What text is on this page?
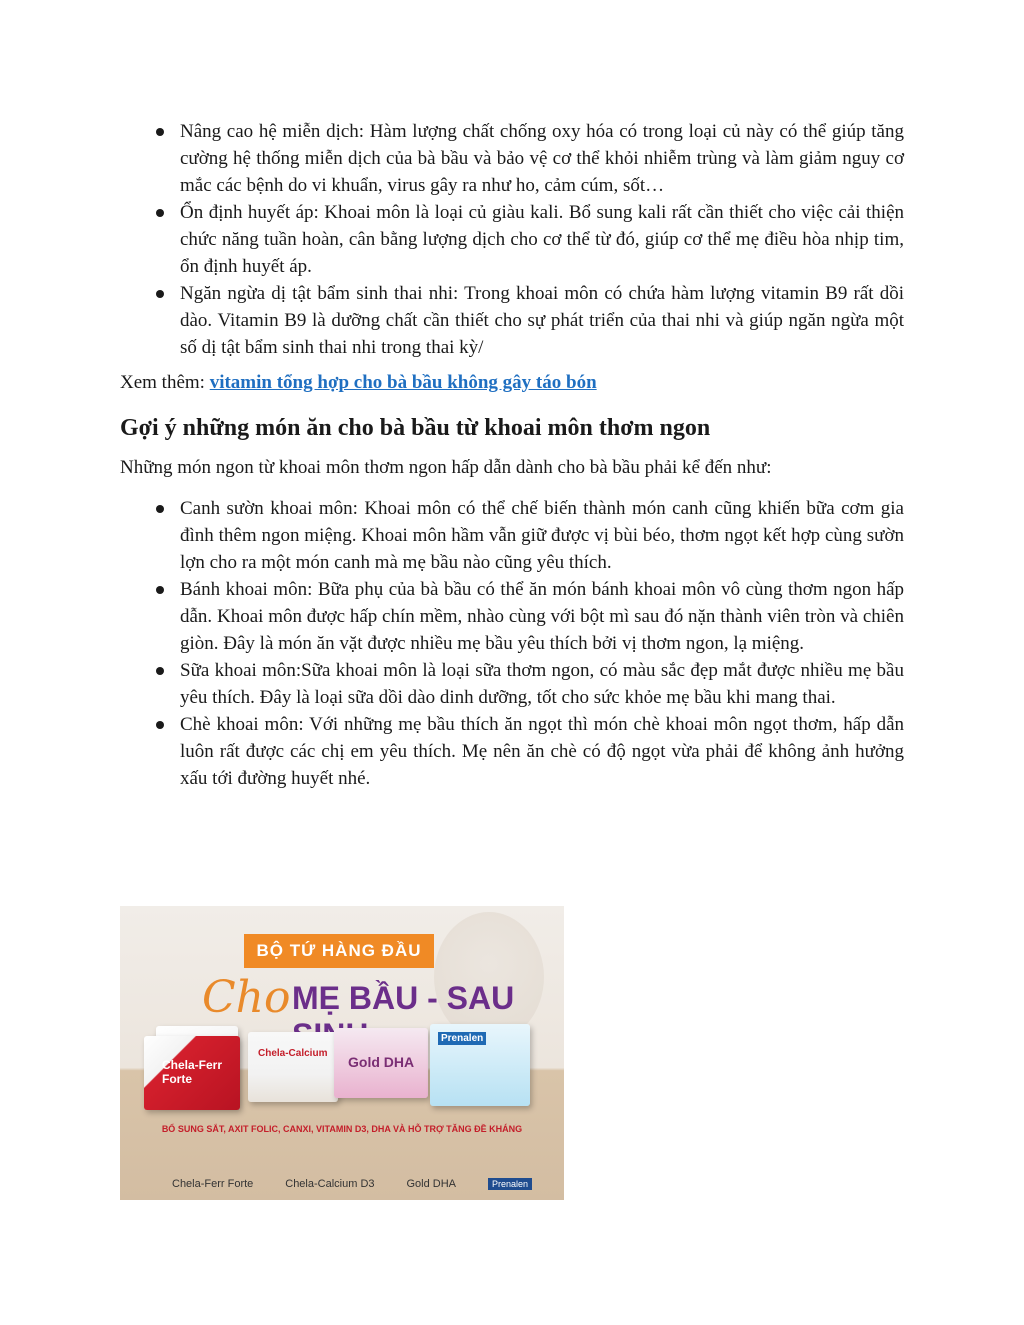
Nâng cao hệ miễn dịch: Hàm lượng chất chống oxy hóa có trong loại củ này có thể giúp tăng cường hệ thống miễn dịch của bà bầu và bảo vệ cơ thể khỏi nhiễm trùng và làm giảm nguy cơ mắc các bệnh do vi khuẩn, virus gây ra như ho, cảm cúm, sốt…
Ổn định huyết áp: Khoai môn là loại củ giàu kali. Bổ sung kali rất cần thiết cho việc cải thiện chức năng tuần hoàn, cân bằng lượng dịch cho cơ thể từ đó, giúp cơ thể mẹ điều hòa nhịp tim, ổn định huyết áp.
Ngăn ngừa dị tật bẩm sinh thai nhi: Trong khoai môn có chứa hàm lượng vitamin B9 rất dồi dào. Vitamin B9 là dưỡng chất cần thiết cho sự phát triển của thai nhi và giúp ngăn ngừa một số dị tật bẩm sinh thai nhi trong thai kỳ/
Xem thêm: vitamin tổng hợp cho bà bầu không gây táo bón
Gợi ý những món ăn cho bà bầu từ khoai môn thơm ngon

Những món ngon từ khoai môn thơm ngon hấp dẫn dành cho bà bầu phải kể đến như:

Canh sườn khoai môn: Khoai môn có thể chế biến thành món canh cũng khiến bữa cơm gia đình thêm ngon miệng. Khoai môn hầm vẫn giữ được vị bùi béo, thơm ngọt kết hợp cùng sườn lợn cho ra một món canh mà mẹ bầu nào cũng yêu thích.
Bánh khoai môn: Bữa phụ của bà bầu có thể ăn món bánh khoai môn vô cùng thơm ngon hấp dẫn. Khoai môn được hấp chín mềm, nhào cùng với bột mì sau đó nặn thành viên tròn và chiên giòn. Đây là món ăn vặt được nhiều mẹ bầu yêu thích bởi vị thơm ngon, lạ miệng.
Sữa khoai môn:Sữa khoai môn là loại sữa thơm ngon, có màu sắc đẹp mắt được nhiều mẹ bầu yêu thích. Đây là loại sữa dồi dào dinh dưỡng, tốt cho sức khỏe mẹ bầu khi mang thai.
Chè khoai môn: Với những mẹ bầu thích ăn ngọt thì món chè khoai môn ngọt thơm, hấp dẫn luôn rất được các chị em yêu thích. Mẹ nên ăn chè có độ ngọt vừa phải để không ảnh hưởng xấu tới đường huyết nhé.
BỘ TỨ HÀNG ĐẦU
Cho MẸ BẦU - SAU
Chela-Ferr Forte
Chela-Calcium
Gold DHA
Prenalen
BỔ SUNG SẮT, AXIT FOLIC, CANXI, VITAMIN D3, DHA VÀ HỖ TRỢ TĂNG ĐỀ KHÁNG
Chela-Ferr Forte	Chela-Calcium D3	Gold DHA	Prenalen
